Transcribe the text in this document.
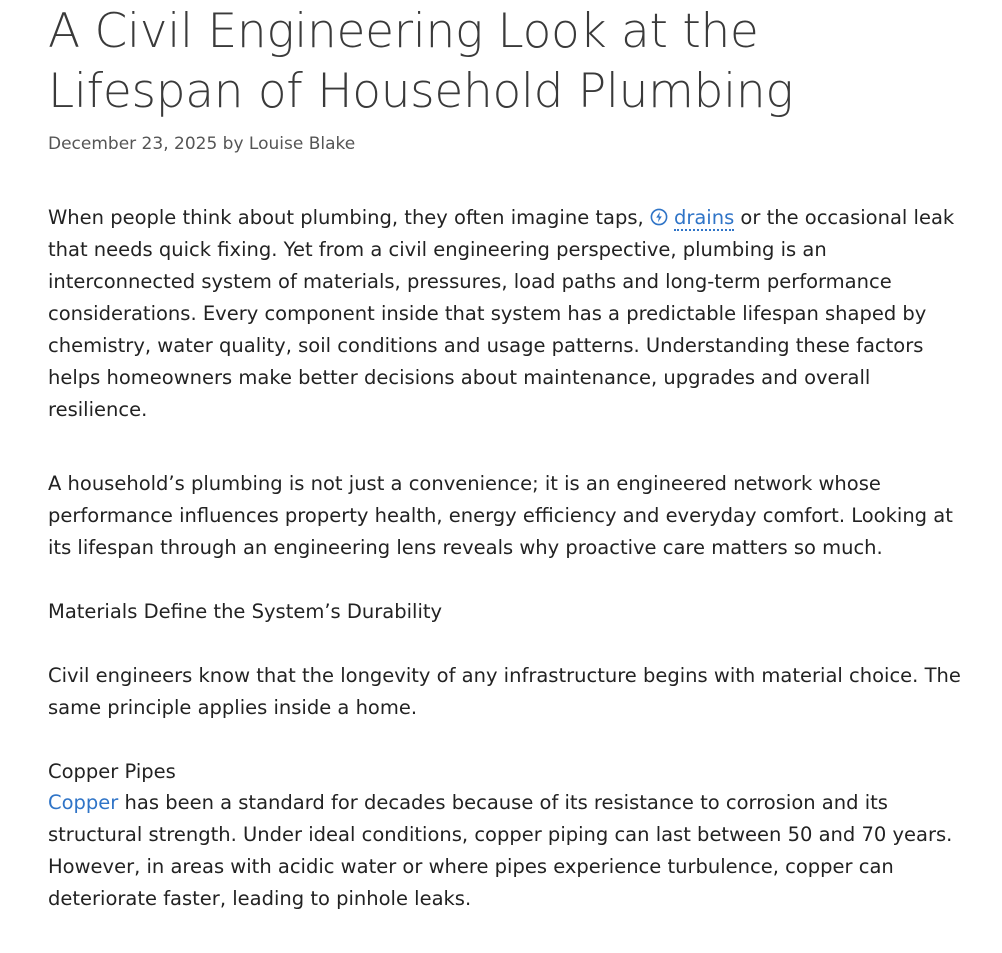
A Civil Engineering Look at the Lifespan of Household Plumbing
December 23, 2025 by Louise Blake

When people think about plumbing, they often imagine taps, drains or the occasional leak that needs quick fixing. Yet from a civil engineering perspective, plumbing is an interconnected system of materials, pressures, load paths and long-term performance considerations. Every component inside that system has a predictable lifespan shaped by chemistry, water quality, soil conditions and usage patterns. Understanding these factors helps homeowners make better decisions about maintenance, upgrades and overall resilience.

A household’s plumbing is not just a convenience; it is an engineered network whose performance influences property health, energy efficiency and everyday comfort. Looking at its lifespan through an engineering lens reveals why proactive care matters so much.

Materials Define the System’s Durability

Civil engineers know that the longevity of any infrastructure begins with material choice. The same principle applies inside a home.

Copper Pipes

Copper has been a standard for decades because of its resistance to corrosion and its structural strength. Under ideal conditions, copper piping can last between 50 and 70 years. However, in areas with acidic water or where pipes experience turbulence, copper can deteriorate faster, leading to pinhole leaks.
